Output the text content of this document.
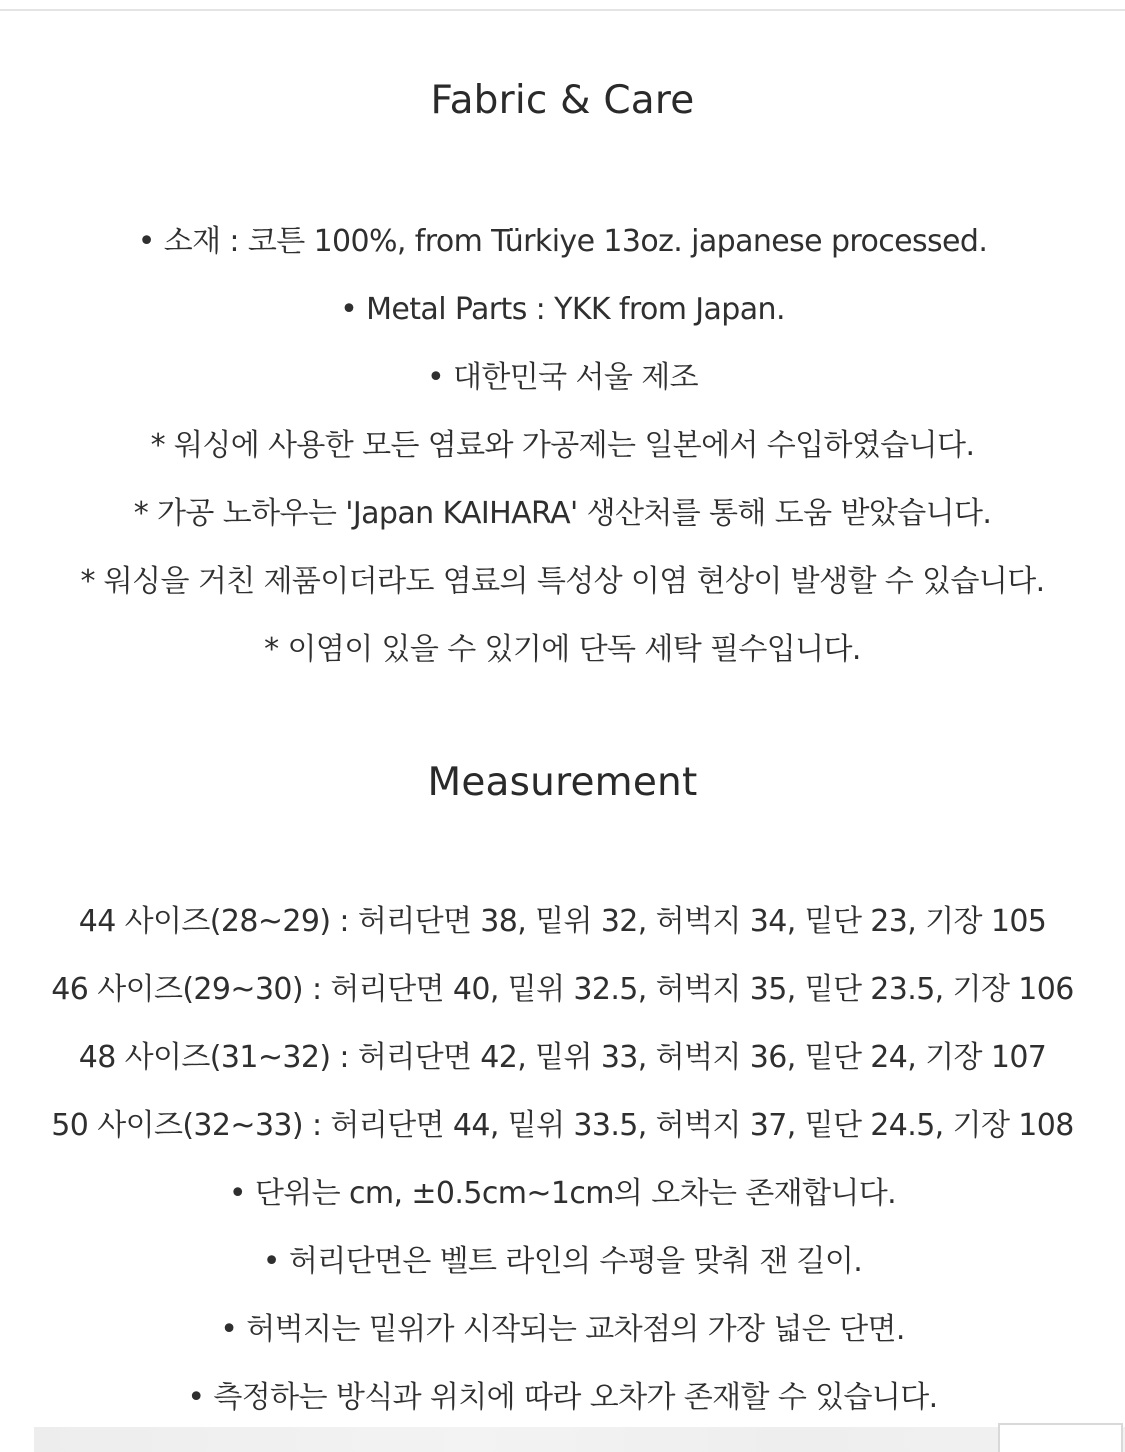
Fabric & Care
• 소재 : 코튼 100%, from Türkiye 13oz. japanese processed.
• Metal Parts : YKK from Japan.
• 대한민국 서울 제조
* 워싱에 사용한 모든 염료와 가공제는 일본에서 수입하였습니다.
* 가공 노하우는 'Japan KAIHARA' 생산처를 통해 도움 받았습니다.
* 워싱을 거친 제품이더라도 염료의 특성상 이염 현상이 발생할 수 있습니다.
* 이염이 있을 수 있기에 단독 세탁 필수입니다.
Measurement
44 사이즈(28~29) : 허리단면 38, 밑위 32, 허벅지 34, 밑단 23, 기장 105
46 사이즈(29~30) : 허리단면 40, 밑위 32.5, 허벅지 35, 밑단 23.5, 기장 106
48 사이즈(31~32) : 허리단면 42, 밑위 33, 허벅지 36, 밑단 24, 기장 107
50 사이즈(32~33) : 허리단면 44, 밑위 33.5, 허벅지 37, 밑단 24.5, 기장 108
• 단위는 cm, ±0.5cm~1cm의 오차는 존재합니다.
• 허리단면은 벨트 라인의 수평을 맞춰 잰 길이.
• 허벅지는 밑위가 시작되는 교차점의 가장 넓은 단면.
• 측정하는 방식과 위치에 따라 오차가 존재할 수 있습니다.
